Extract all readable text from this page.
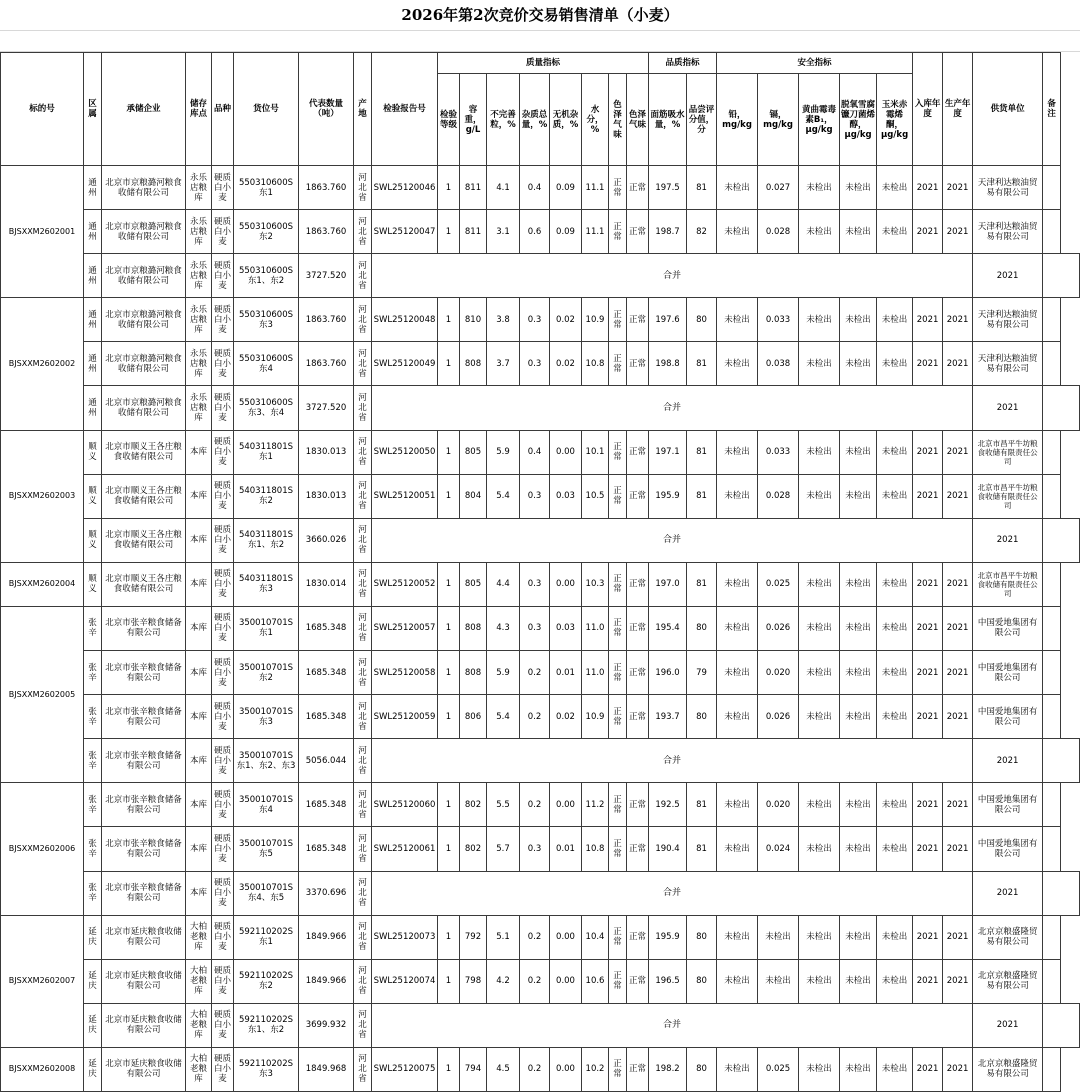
2026年第2次竞价交易销售清单（小麦）
标的号	区属	承储企业	储存库点	品种	货位号	代表数量（吨）	产地	检验报告号	质量指标								品质指标		安全指标					入库年度	生产年度	供货单位	备注
									检验等级	容重，g/L	不完善粒，%	杂质总量，%	无机杂质，%	水分，%	色泽气味	色泽气味	面筋吸水量，%	品尝评分值，分	铅，mg/kg	镉，mg/kg	黄曲霉毒素B₁，μg/kg	脱氧雪腐镰刀菌烯醇，μg/kg	玉米赤霉烯酮，μg/kg				
BJSXXM2602001	通州	北京市京粮潞河粮食收储有限公司	永乐店粮库	硬质白小麦	550310600S东1	1863.760	河北省	SWL25120046	1	811	4.1	0.4	0.09	11.1	正常	正常	197.5	81	未检出	0.027	未检出	未检出	未检出	2021	2021	天津利达粮油贸易有限公司	
	通州	北京市京粮潞河粮食收储有限公司	永乐店粮库	硬质白小麦	550310600S东2	1863.760	河北省	SWL25120047	1	811	3.1	0.6	0.09	11.1	正常	正常	198.7	82	未检出	0.028	未检出	未检出	未检出	2021	2021	天津利达粮油贸易有限公司	
	通州	北京市京粮潞河粮食收储有限公司	永乐店粮库	硬质白小麦	550310600S东1、东2	3727.520	河北省	合并																		2021	
BJSXXM2602002	通州	北京市京粮潞河粮食收储有限公司	永乐店粮库	硬质白小麦	550310600S东3	1863.760	河北省	SWL25120048	1	810	3.8	0.3	0.02	10.9	正常	正常	197.6	80	未检出	0.033	未检出	未检出	未检出	2021	2021	天津利达粮油贸易有限公司	
	通州	北京市京粮潞河粮食收储有限公司	永乐店粮库	硬质白小麦	550310600S东4	1863.760	河北省	SWL25120049	1	808	3.7	0.3	0.02	10.8	正常	正常	198.8	81	未检出	0.038	未检出	未检出	未检出	2021	2021	天津利达粮油贸易有限公司	
	通州	北京市京粮潞河粮食收储有限公司	永乐店粮库	硬质白小麦	550310600S东3、东4	3727.520	河北省	合并																		2021	
BJSXXM2602003	顺义	北京市顺义王各庄粮食收储有限公司	本库	硬质白小麦	540311801S东1	1830.013	河北省	SWL25120050	1	805	5.9	0.4	0.00	10.1	正常	正常	197.1	81	未检出	0.033	未检出	未检出	未检出	2021	2021	北京市昌平牛坊粮食收储有限责任公司	
	顺义	北京市顺义王各庄粮食收储有限公司	本库	硬质白小麦	540311801S东2	1830.013	河北省	SWL25120051	1	804	5.4	0.3	0.03	10.5	正常	正常	195.9	81	未检出	0.028	未检出	未检出	未检出	2021	2021	北京市昌平牛坊粮食收储有限责任公司	
	顺义	北京市顺义王各庄粮食收储有限公司	本库	硬质白小麦	540311801S东1、东2	3660.026	河北省	合并																		2021	
BJSXXM2602004	顺义	北京市顺义王各庄粮食收储有限公司	本库	硬质白小麦	540311801S东3	1830.014	河北省	SWL25120052	1	805	4.4	0.3	0.00	10.3	正常	正常	197.0	81	未检出	0.025	未检出	未检出	未检出	2021	2021	北京市昌平牛坊粮食收储有限责任公司	
BJSXXM2602005	张辛	北京市张辛粮食储备有限公司	本库	硬质白小麦	350010701S东1	1685.348	河北省	SWL25120057	1	808	4.3	0.3	0.03	11.0	正常	正常	195.4	80	未检出	0.026	未检出	未检出	未检出	2021	2021	中国爱地集团有限公司	
	张辛	北京市张辛粮食储备有限公司	本库	硬质白小麦	350010701S东2	1685.348	河北省	SWL25120058	1	808	5.9	0.2	0.01	11.0	正常	正常	196.0	79	未检出	0.020	未检出	未检出	未检出	2021	2021	中国爱地集团有限公司	
	张辛	北京市张辛粮食储备有限公司	本库	硬质白小麦	350010701S东3	1685.348	河北省	SWL25120059	1	806	5.4	0.2	0.02	10.9	正常	正常	193.7	80	未检出	0.026	未检出	未检出	未检出	2021	2021	中国爱地集团有限公司	
	张辛	北京市张辛粮食储备有限公司	本库	硬质白小麦	350010701S东1、东2、东3	5056.044	河北省	合并																		2021	
BJSXXM2602006	张辛	北京市张辛粮食储备有限公司	本库	硬质白小麦	350010701S东4	1685.348	河北省	SWL25120060	1	802	5.5	0.2	0.00	11.2	正常	正常	192.5	81	未检出	0.020	未检出	未检出	未检出	2021	2021	中国爱地集团有限公司	
	张辛	北京市张辛粮食储备有限公司	本库	硬质白小麦	350010701S东5	1685.348	河北省	SWL25120061	1	802	5.7	0.3	0.01	10.8	正常	正常	190.4	81	未检出	0.024	未检出	未检出	未检出	2021	2021	中国爱地集团有限公司	
	张辛	北京市张辛粮食储备有限公司	本库	硬质白小麦	350010701S东4、东5	3370.696	河北省	合并																		2021	
BJSXXM2602007	延庆	北京市延庆粮食收储有限公司	大柏老粮库	硬质白小麦	592110202S东1	1849.966	河北省	SWL25120073	1	792	5.1	0.2	0.00	10.4	正常	正常	195.9	80	未检出	未检出	未检出	未检出	未检出	2021	2021	北京京粮盛隆贸易有限公司	
	延庆	北京市延庆粮食收储有限公司	大柏老粮库	硬质白小麦	592110202S东2	1849.966	河北省	SWL25120074	1	798	4.2	0.2	0.00	10.6	正常	正常	196.5	80	未检出	未检出	未检出	未检出	未检出	2021	2021	北京京粮盛隆贸易有限公司	
	延庆	北京市延庆粮食收储有限公司	大柏老粮库	硬质白小麦	592110202S东1、东2	3699.932	河北省	合并																		2021	
BJSXXM2602008	延庆	北京市延庆粮食收储有限公司	大柏老粮库	硬质白小麦	592110202S东3	1849.968	河北省	SWL25120075	1	794	4.5	0.2	0.00	10.2	正常	正常	198.2	80	未检出	0.025	未检出	未检出	未检出	2021	2021	北京京粮盛隆贸易有限公司	
